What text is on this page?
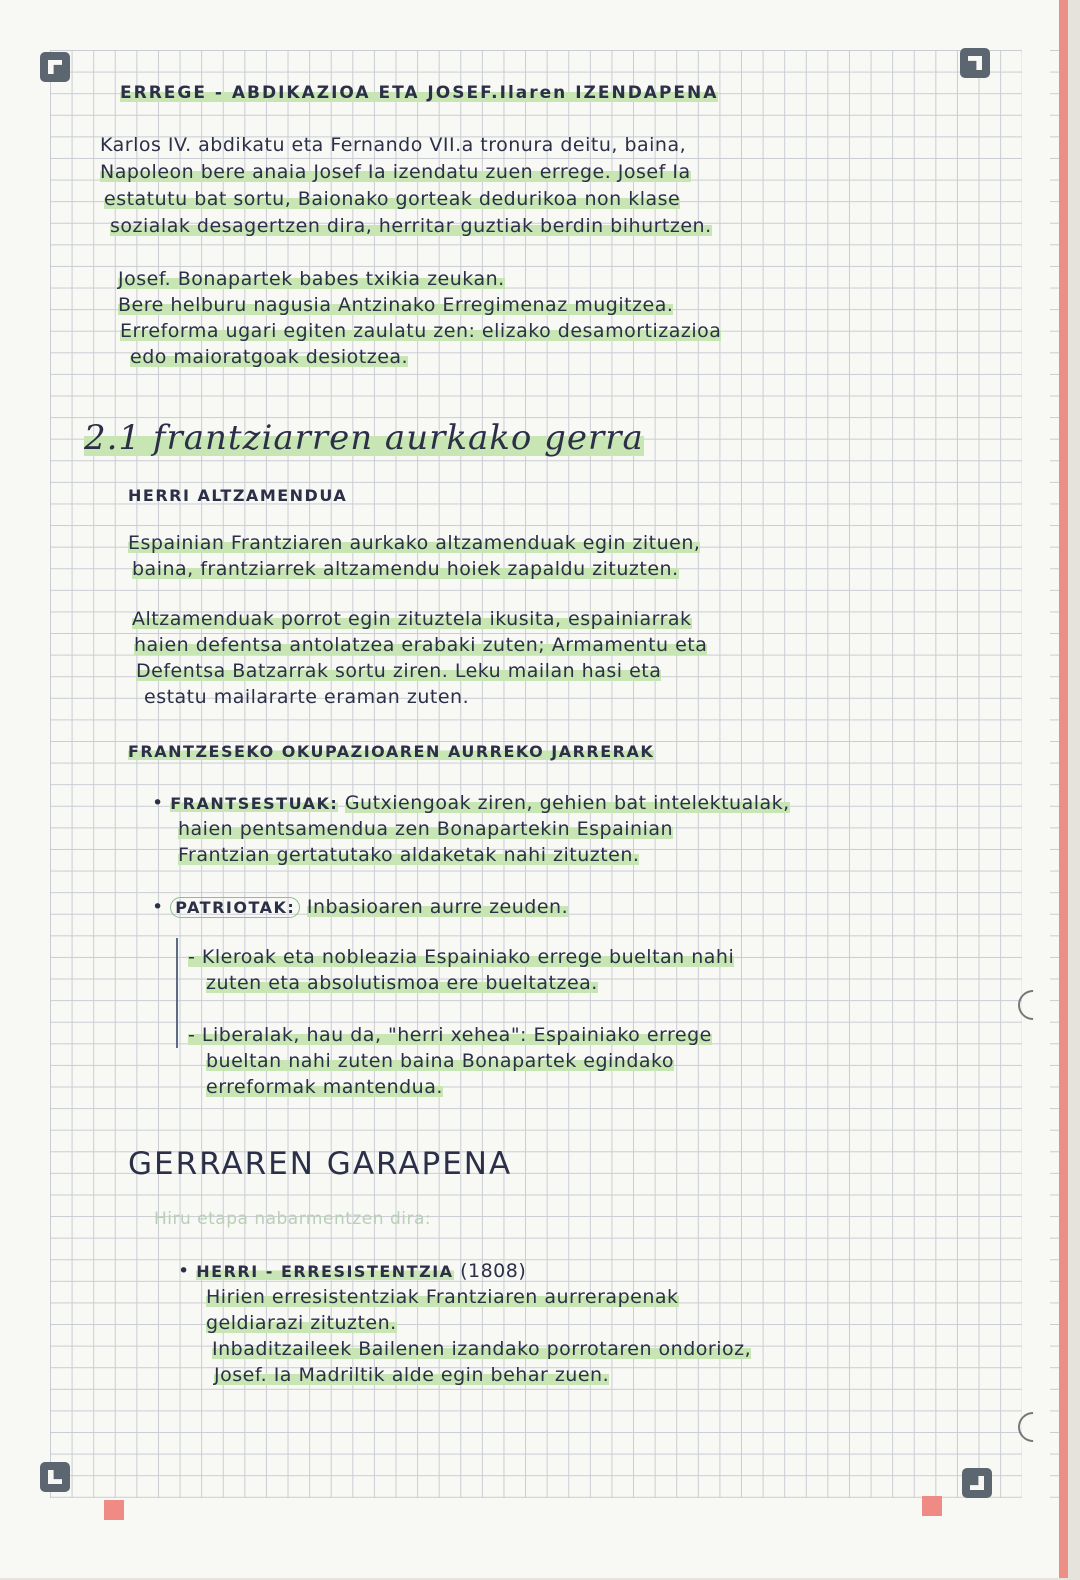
ERREGE - ABDIKAZIOA ETA JOSEF.Ilaren IZENDAPENA
Karlos IV. abdikatu eta Fernando VII.a tronura deitu, baina,
Napoleon bere anaia Josef Ia izendatu zuen errege. Josef Ia
estatutu bat sortu, Baionako gorteak dedurikoa non klase
sozialak desagertzen dira, herritar guztiak berdin bihurtzen.
Josef. Bonapartek babes txikia zeukan.
Bere helburu nagusia Antzinako Erregimenaz mugitzea.
Erreforma ugari egiten zaulatu zen: elizako desamortizazioa
edo maioratgoak desiotzea.
2.1 frantziarren aurkako gerra
HERRI ALTZAMENDUA
Espainian Frantziaren aurkako altzamenduak egin zituen,
baina, frantziarrek altzamendu hoiek zapaldu zituzten.
Altzamenduak porrot egin zituztela ikusita, espainiarrak
haien defentsa antolatzea erabaki zuten; Armamentu eta
Defentsa Batzarrak sortu ziren. Leku mailan hasi eta
estatu mailararte eraman zuten.
FRANTZESEKO OKUPAZIOAREN AURREKO JARRERAK
• FRANTSESTUAK: Gutxiengoak ziren, gehien bat intelektualak,
haien pentsamendua zen Bonapartekin Espainian
Frantzian gertatutako aldaketak nahi zituzten.
• PATRIOTAK: Inbasioaren aurre zeuden.
- Kleroak eta nobleazia Espainiako errege bueltan nahi
zuten eta absolutismoa ere bueltatzea.
- Liberalak, hau da, "herri xehea": Espainiako errege
bueltan nahi zuten baina Bonapartek egindako
erreformak mantendua.
GERRAREN GARAPENA
Hiru etapa nabarmentzen dira:
• HERRI - ERRESISTENTZIA (1808)
Hirien erresistentziak Frantziaren aurrerapenak
geldiarazi zituzten.
Inbaditzaileek Bailenen izandako porrotaren ondorioz,
Josef. Ia Madriltik alde egin behar zuen.
